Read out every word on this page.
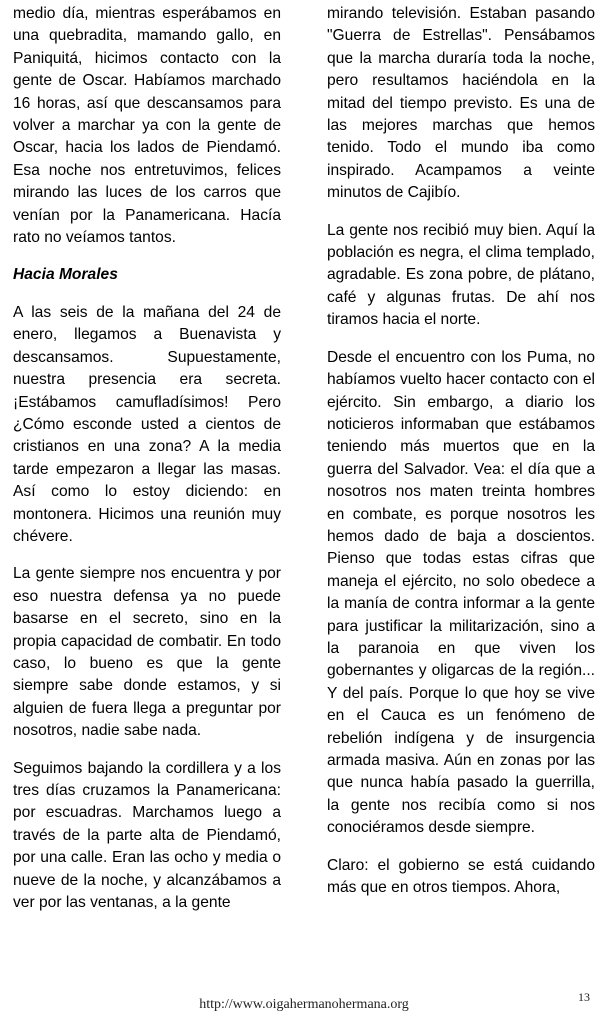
medio día, mientras esperábamos en una quebradita, mamando gallo, en Paniquitá, hicimos contacto con la gente de Oscar. Habíamos marchado 16 horas, así que descansamos para volver a marchar ya con la gente de Oscar, hacia los lados de Piendamó. Esa noche nos entretuvimos, felices mirando las luces de los carros que venían por la Panamericana. Hacía rato no veíamos tantos.

Hacia Morales

A las seis de la mañana del 24 de enero, llegamos a Buenavista y descansamos. Supuestamente, nuestra presencia era secreta. ¡Estábamos camufladísimos! Pero ¿Cómo esconde usted a cientos de cristianos en una zona? A la media tarde empezaron a llegar las masas. Así como lo estoy diciendo: en montonera. Hicimos una reunión muy chévere.

La gente siempre nos encuentra y por eso nuestra defensa ya no puede basarse en el secreto, sino en la propia capacidad de combatir. En todo caso, lo bueno es que la gente siempre sabe donde estamos, y si alguien de fuera llega a preguntar por nosotros, nadie sabe nada.

Seguimos bajando la cordillera y a los tres días cruzamos la Panamericana: por escuadras. Marchamos luego a través de la parte alta de Piendamó, por una calle. Eran las ocho y media o nueve de la noche, y alcanzábamos a ver por las ventanas, a la gente

mirando televisión. Estaban pasando "Guerra de Estrellas". Pensábamos que la marcha duraría toda la noche, pero resultamos haciéndola en la mitad del tiempo previsto. Es una de las mejores marchas que hemos tenido. Todo el mundo iba como inspirado. Acampamos a veinte minutos de Cajibío.

La gente nos recibió muy bien. Aquí la población es negra, el clima templado, agradable. Es zona pobre, de plátano, café y algunas frutas. De ahí nos tiramos hacia el norte.

Desde el encuentro con los Puma, no habíamos vuelto hacer contacto con el ejército. Sin embargo, a diario los noticieros informaban que estábamos teniendo más muertos que en la guerra del Salvador. Vea: el día que a nosotros nos maten treinta hombres en combate, es porque nosotros les hemos dado de baja a doscientos. Pienso que todas estas cifras que maneja el ejército, no solo obedece a la manía de contra informar a la gente para justificar la militarización, sino a la paranoia en que viven los gobernantes y oligarcas de la región... Y del país. Porque lo que hoy se vive en el Cauca es un fenómeno de rebelión indígena y de insurgencia armada masiva. Aún en zonas por las que nunca había pasado la guerrilla, la gente nos recibía como si nos conociéramos desde siempre.

Claro: el gobierno se está cuidando más que en otros tiempos. Ahora,

http://www.oigahermanohermana.org	13
